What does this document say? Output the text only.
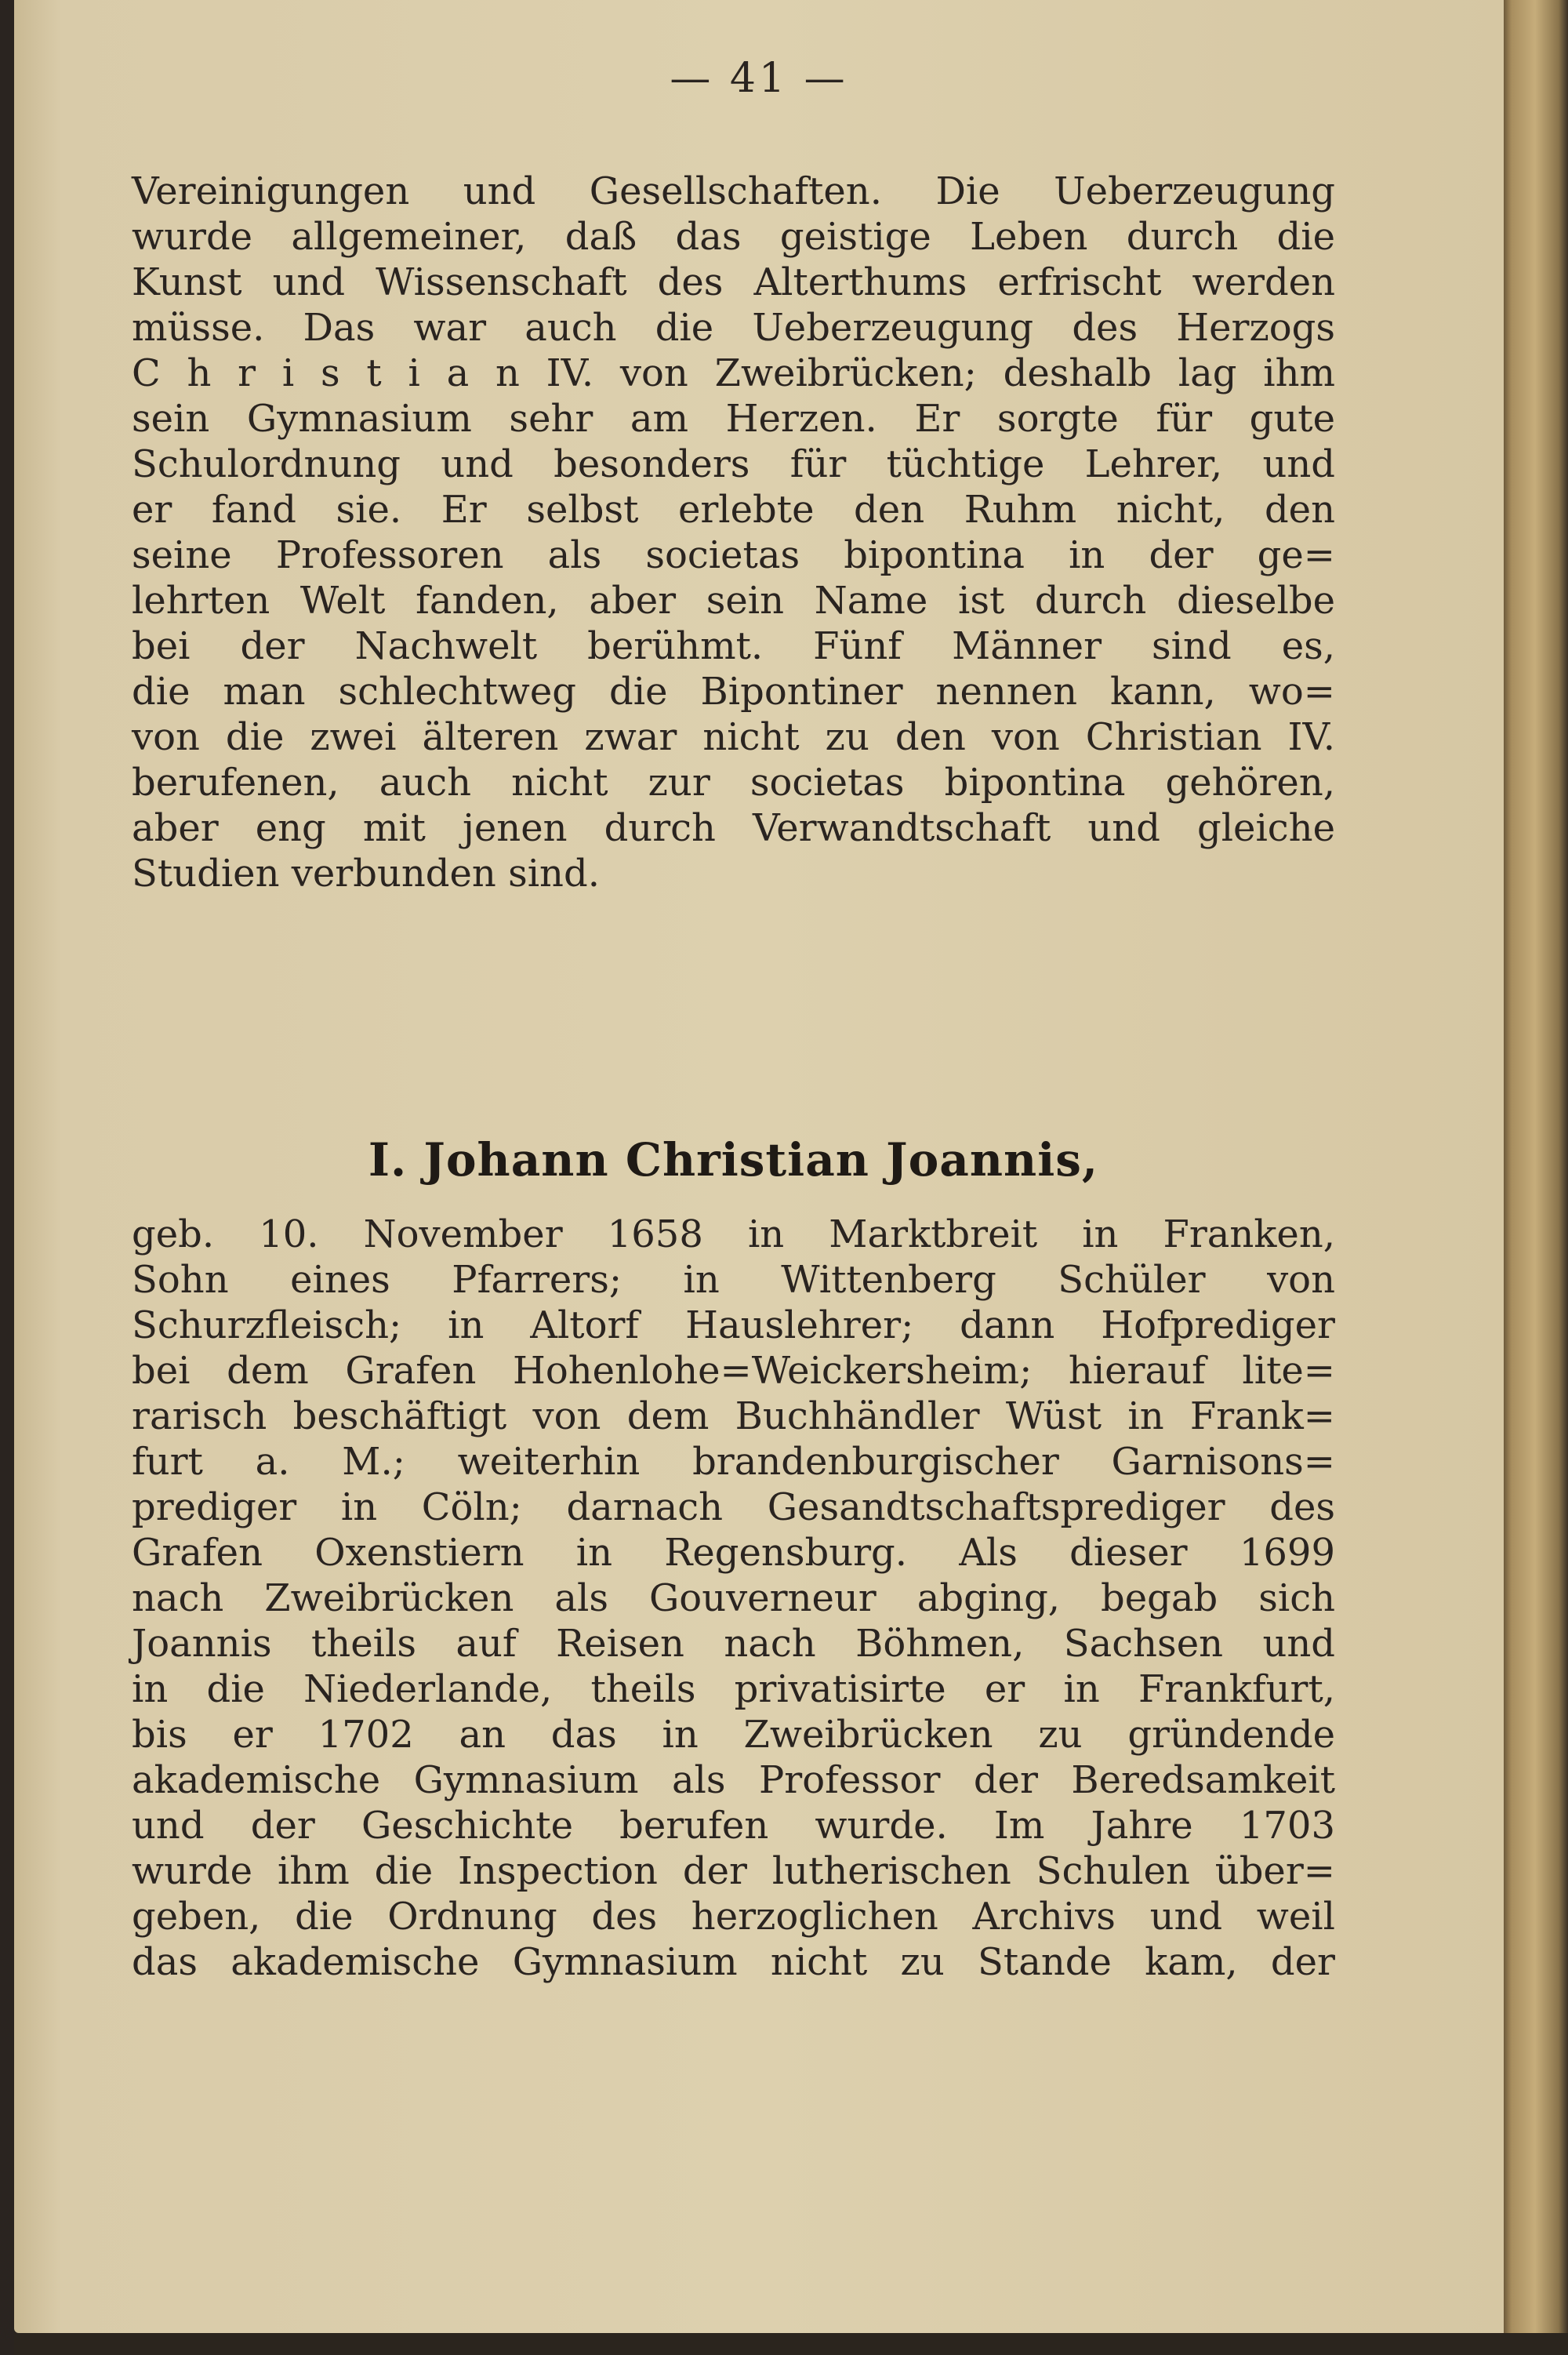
— 41 —
Vereinigungen und Gesellschaften. Die Ueberzeugung
wurde allgemeiner, daß das geistige Leben durch die
Kunst und Wissenschaft des Alterthums erfrischt werden
müsse. Das war auch die Ueberzeugung des Herzogs
C h r i s t i a n IV. von Zweibrücken; deshalb lag ihm
sein Gymnasium sehr am Herzen. Er sorgte für gute
Schulordnung und besonders für tüchtige Lehrer, und
er fand sie. Er selbst erlebte den Ruhm nicht, den
seine Professoren als societas bipontina in der ge=
lehrten Welt fanden, aber sein Name ist durch dieselbe
bei der Nachwelt berühmt. Fünf Männer sind es,
die man schlechtweg die Bipontiner nennen kann, wo=
von die zwei älteren zwar nicht zu den von Christian IV.
berufenen, auch nicht zur societas bipontina gehören,
aber eng mit jenen durch Verwandtschaft und gleiche
Studien verbunden sind.
I. Johann Christian Joannis,
geb. 10. November 1658 in Marktbreit in Franken,
Sohn eines Pfarrers; in Wittenberg Schüler von
Schurzfleisch; in Altorf Hauslehrer; dann Hofprediger
bei dem Grafen Hohenlohe=Weickersheim; hierauf lite=
rarisch beschäftigt von dem Buchhändler Wüst in Frank=
furt a. M.; weiterhin brandenburgischer Garnisons=
prediger in Cöln; darnach Gesandtschaftsprediger des
Grafen Oxenstiern in Regensburg. Als dieser 1699
nach Zweibrücken als Gouverneur abging, begab sich
Joannis theils auf Reisen nach Böhmen, Sachsen und
in die Niederlande, theils privatisirte er in Frankfurt,
bis er 1702 an das in Zweibrücken zu gründende
akademische Gymnasium als Professor der Beredsamkeit
und der Geschichte berufen wurde. Im Jahre 1703
wurde ihm die Inspection der lutherischen Schulen über=
geben, die Ordnung des herzoglichen Archivs und weil
das akademische Gymnasium nicht zu Stande kam, der
